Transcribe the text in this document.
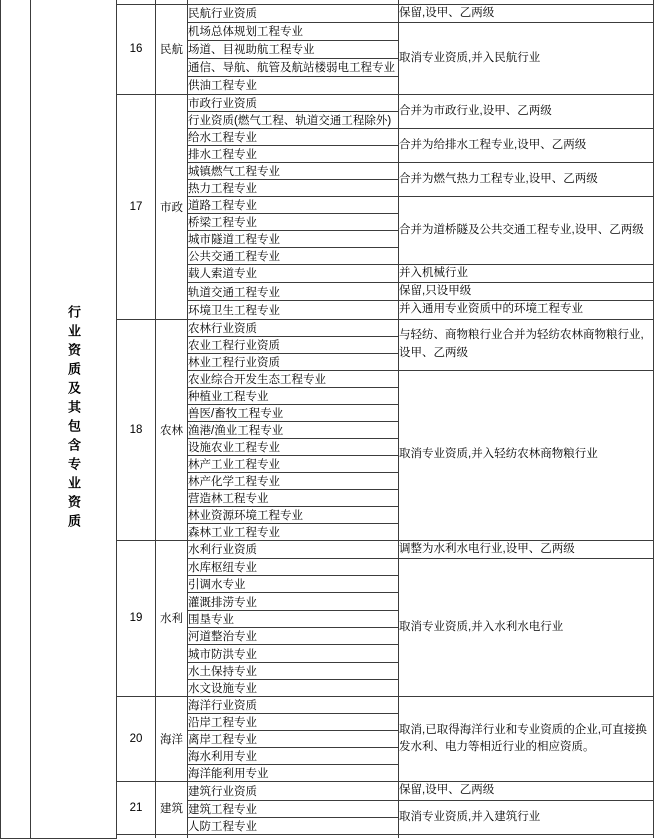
	行业资质及其包含专业资质				

		16	民航	民航行业资质	保留,设甲、乙两级
				机场总体规划工程专业	取消专业资质,并入民航行业
				场道、目视助航工程专业	
				通信、导航、航管及航站楼弱电工程专业	
				供油工程专业	
		17	市政	市政行业资质	合并为市政行业,设甲、乙两级
				行业资质(燃气工程、轨道交通工程除外)	
				给水工程专业	合并为给排水工程专业,设甲、乙两级
				排水工程专业	
				城镇燃气工程专业	合并为燃气热力工程专业,设甲、乙两级
				热力工程专业	
				道路工程专业	合并为道桥隧及公共交通工程专业,设甲、乙两级
				桥梁工程专业	
				城市隧道工程专业	
				公共交通工程专业	
				载人索道专业	并入机械行业
				轨道交通工程专业	保留,只设甲级
				环境卫生工程专业	并入通用专业资质中的环境工程专业
		18	农林	农林行业资质	与轻纺、商物粮行业合并为轻纺农林商物粮行业,设甲、乙两级
				农业工程行业资质	
				林业工程行业资质	
				农业综合开发生态工程专业	取消专业资质,并入轻纺农林商物粮行业
				种植业工程专业	
				兽医/畜牧工程专业	
				渔港/渔业工程专业	
				设施农业工程专业	
				林产工业工程专业	
				林产化学工程专业	
				营造林工程专业	
				林业资源环境工程专业	
				森林工业工程专业	
		19	水利	水利行业资质	调整为水利水电行业,设甲、乙两级
				水库枢纽专业	取消专业资质,并入水利水电行业
				引调水专业	
				灌溉排涝专业	
				围垦专业	
				河道整治专业	
				城市防洪专业	
				水土保持专业	
				水文设施专业	
		20	海洋	海洋行业资质	取消,已取得海洋行业和专业资质的企业,可直接换发水利、电力等相近行业的相应资质。
				沿岸工程专业	
				离岸工程专业	
				海水利用专业	
				海洋能利用专业	
		21	建筑	建筑行业资质	保留,设甲、乙两级
				建筑工程专业	取消专业资质,并入建筑行业
				人防工程专业	
